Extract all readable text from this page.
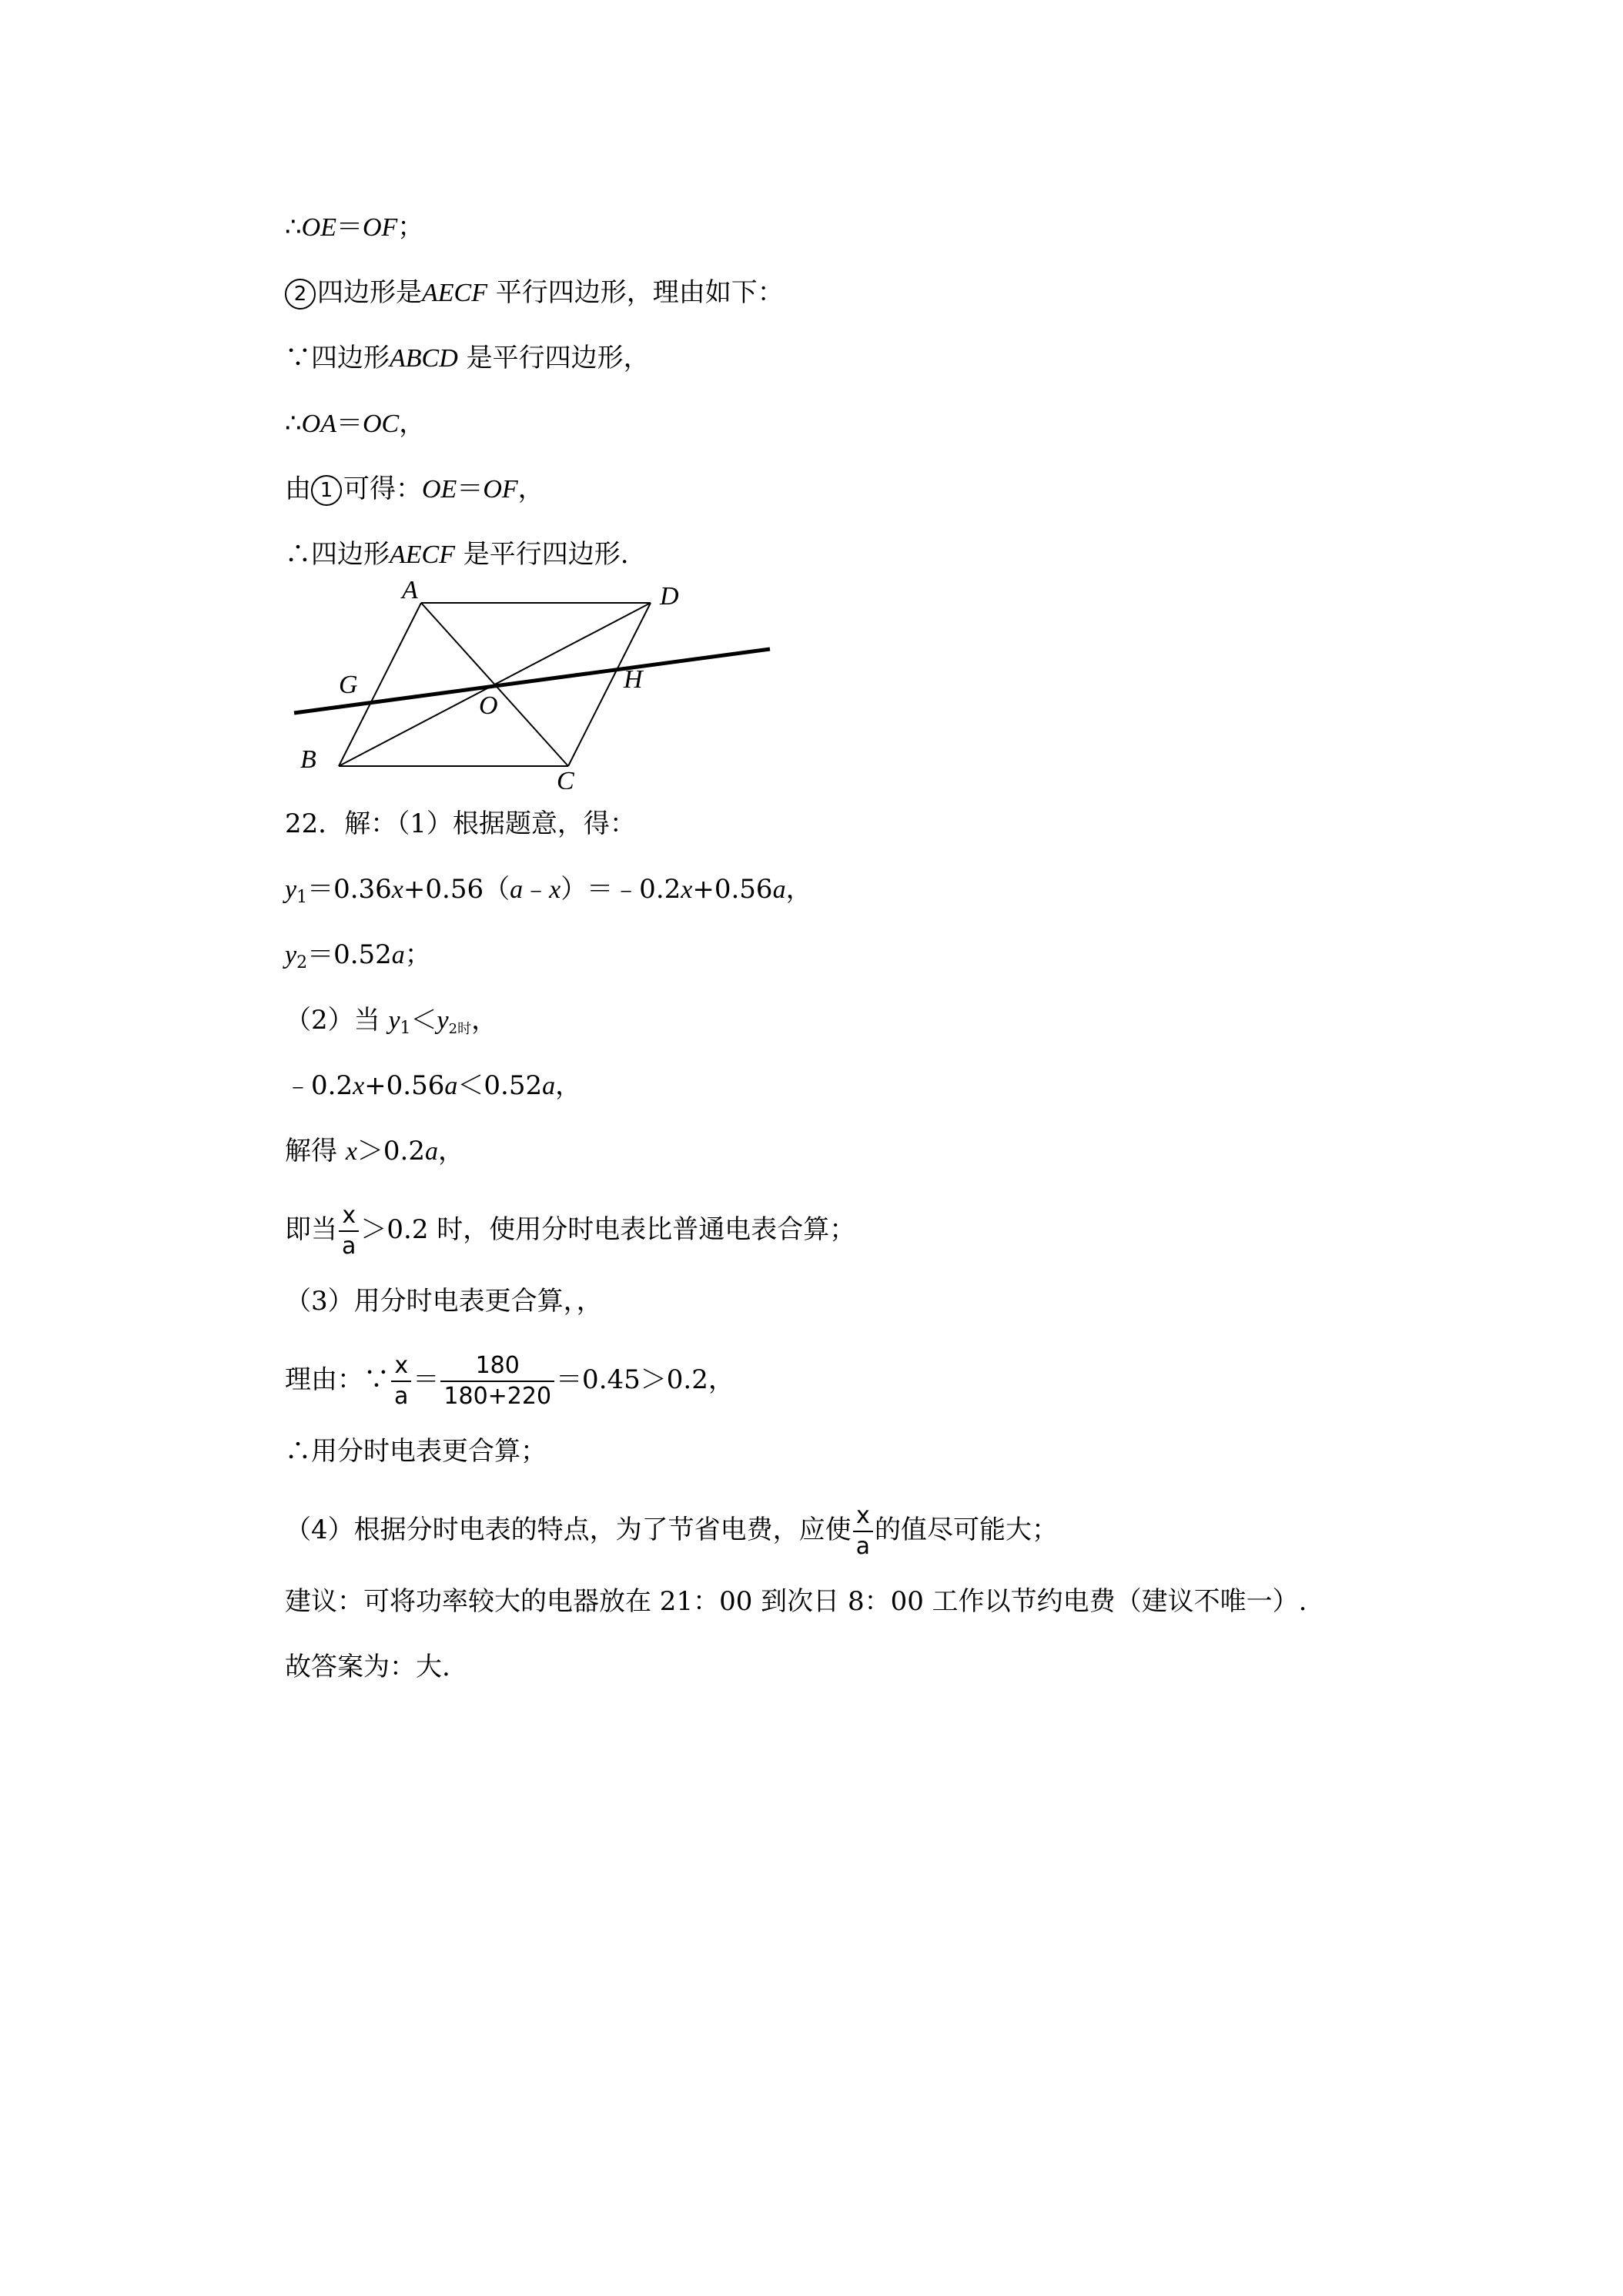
∴OE＝OF；
2 四边形是AECF 平行四边形，理由如下：
∵四边形ABCD 是平行四边形，
∴OA＝OC，
由 1 可得：OE＝OF，
∴四边形AECF 是平行四边形.
A	D
G	H
O
B
C
22．解：（1）根据题意，得：
$y_1=0.36x+0.56(a﹣x)=﹣0.2x+0.56a$，
$y_2=0.52a$；
（2）当 $y_1<y_{2时}$，
﹣0.2x+0.56a＜0.52a，
解得 x＞0.2a，
即当 $\frac{x}{a} >0.2$ 时，使用分时电表比普通电表合算；
（3）用分时电表更合算，，
理由：∵ $\frac{x}{a} = \frac{180}{180+220} =0.45>0.2$，
∴用分时电表更合算；
（4）根据分时电表的特点，为了节省电费，应使 $\frac{x}{a}$ 的值尽可能大；
建议：可将功率较大的电器放在 21：00 到次日 8：00 工作以节约电费（建议不唯一）.
故答案为：大.
